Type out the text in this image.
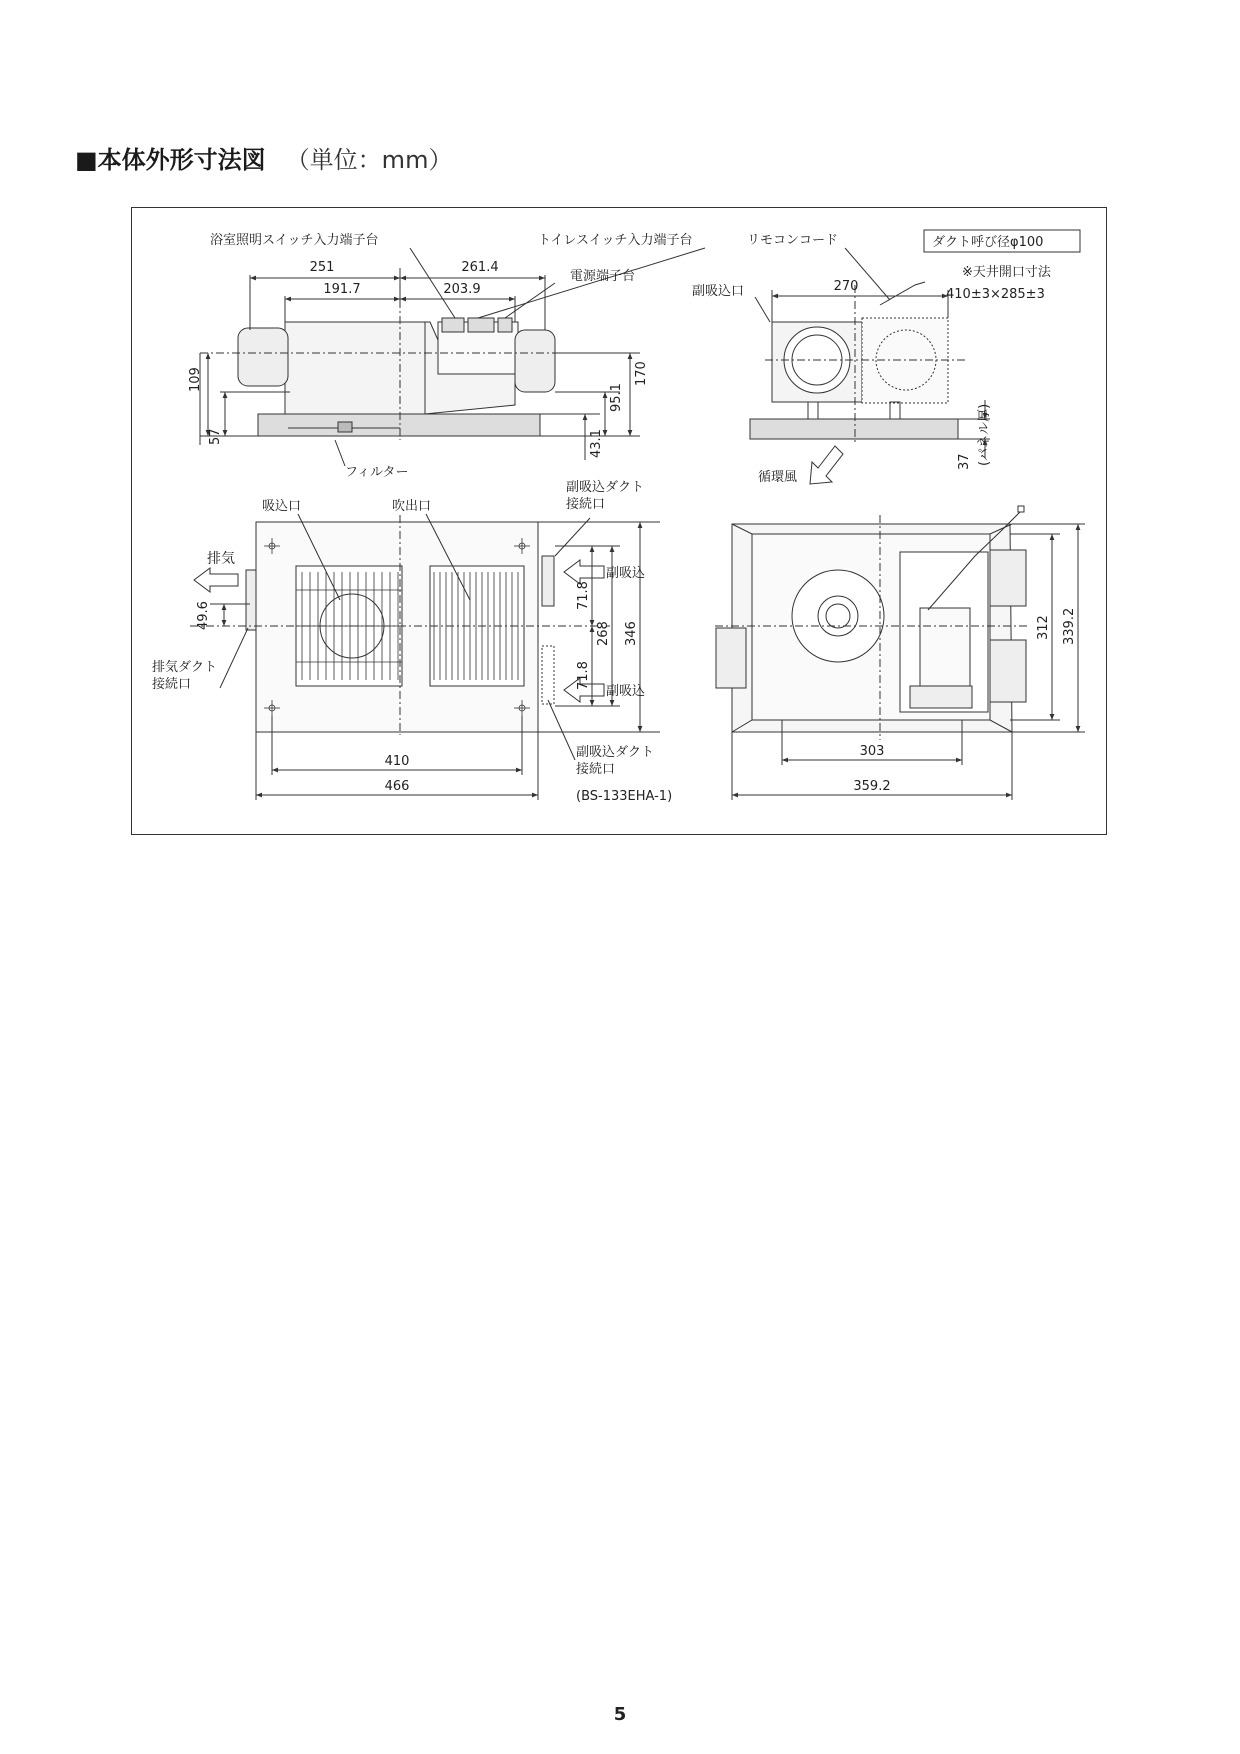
■本体外形寸法図 （単位：mm）
浴室照明スイッチ入力端子台	トイレスイッチ入力端子台
電源端子台
251	261.4
191.7	203.9
109
57
170
95.1
43.1
フィルター
リモコンコード	ダクト呼び径φ100
※天井開口寸法
410±3×285±3
副吸込口	270
37 (パネル厚)
循環風
吸込口	吹出口
副吸込ダクト
接続口
排気
排気ダクト
接続口
副吸込
副吸込
副吸込ダクト
接続口
(BS-133EHA-1)
49.6
71.8
71.8
268 346
410
466
312 339.2
303
359.2
5
